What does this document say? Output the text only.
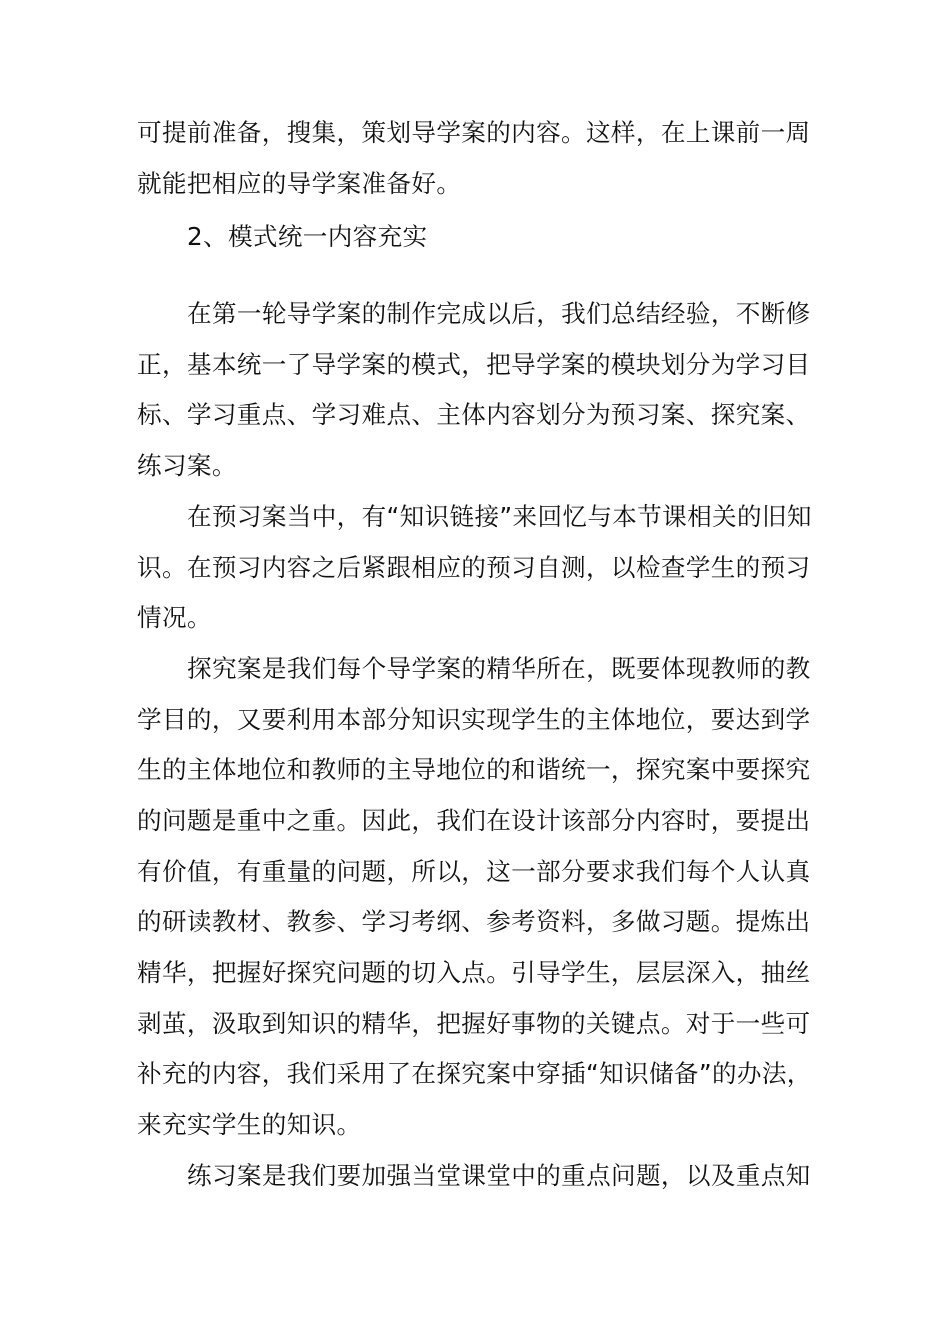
可提前准备，搜集，策划导学案的内容。这样，在上课前一周
就能把相应的导学案准备好。

2、模式统一内容充实

在第一轮导学案的制作完成以后，我们总结经验，不断修
正，基本统一了导学案的模式，把导学案的模块划分为学习目
标、学习重点、学习难点、主体内容划分为预习案、探究案、
练习案。

在预习案当中，有“知识链接”来回忆与本节课相关的旧知
识。在预习内容之后紧跟相应的预习自测，以检查学生的预习
情况。

探究案是我们每个导学案的精华所在，既要体现教师的教
学目的，又要利用本部分知识实现学生的主体地位，要达到学
生的主体地位和教师的主导地位的和谐统一，探究案中要探究
的问题是重中之重。因此，我们在设计该部分内容时，要提出
有价值，有重量的问题，所以，这一部分要求我们每个人认真
的研读教材、教参、学习考纲、参考资料，多做习题。提炼出
精华，把握好探究问题的切入点。引导学生，层层深入，抽丝
剥茧，汲取到知识的精华，把握好事物的关键点。对于一些可
补充的内容，我们采用了在探究案中穿插“知识储备”的办法，
来充实学生的知识。

练习案是我们要加强当堂课堂中的重点问题，以及重点知
